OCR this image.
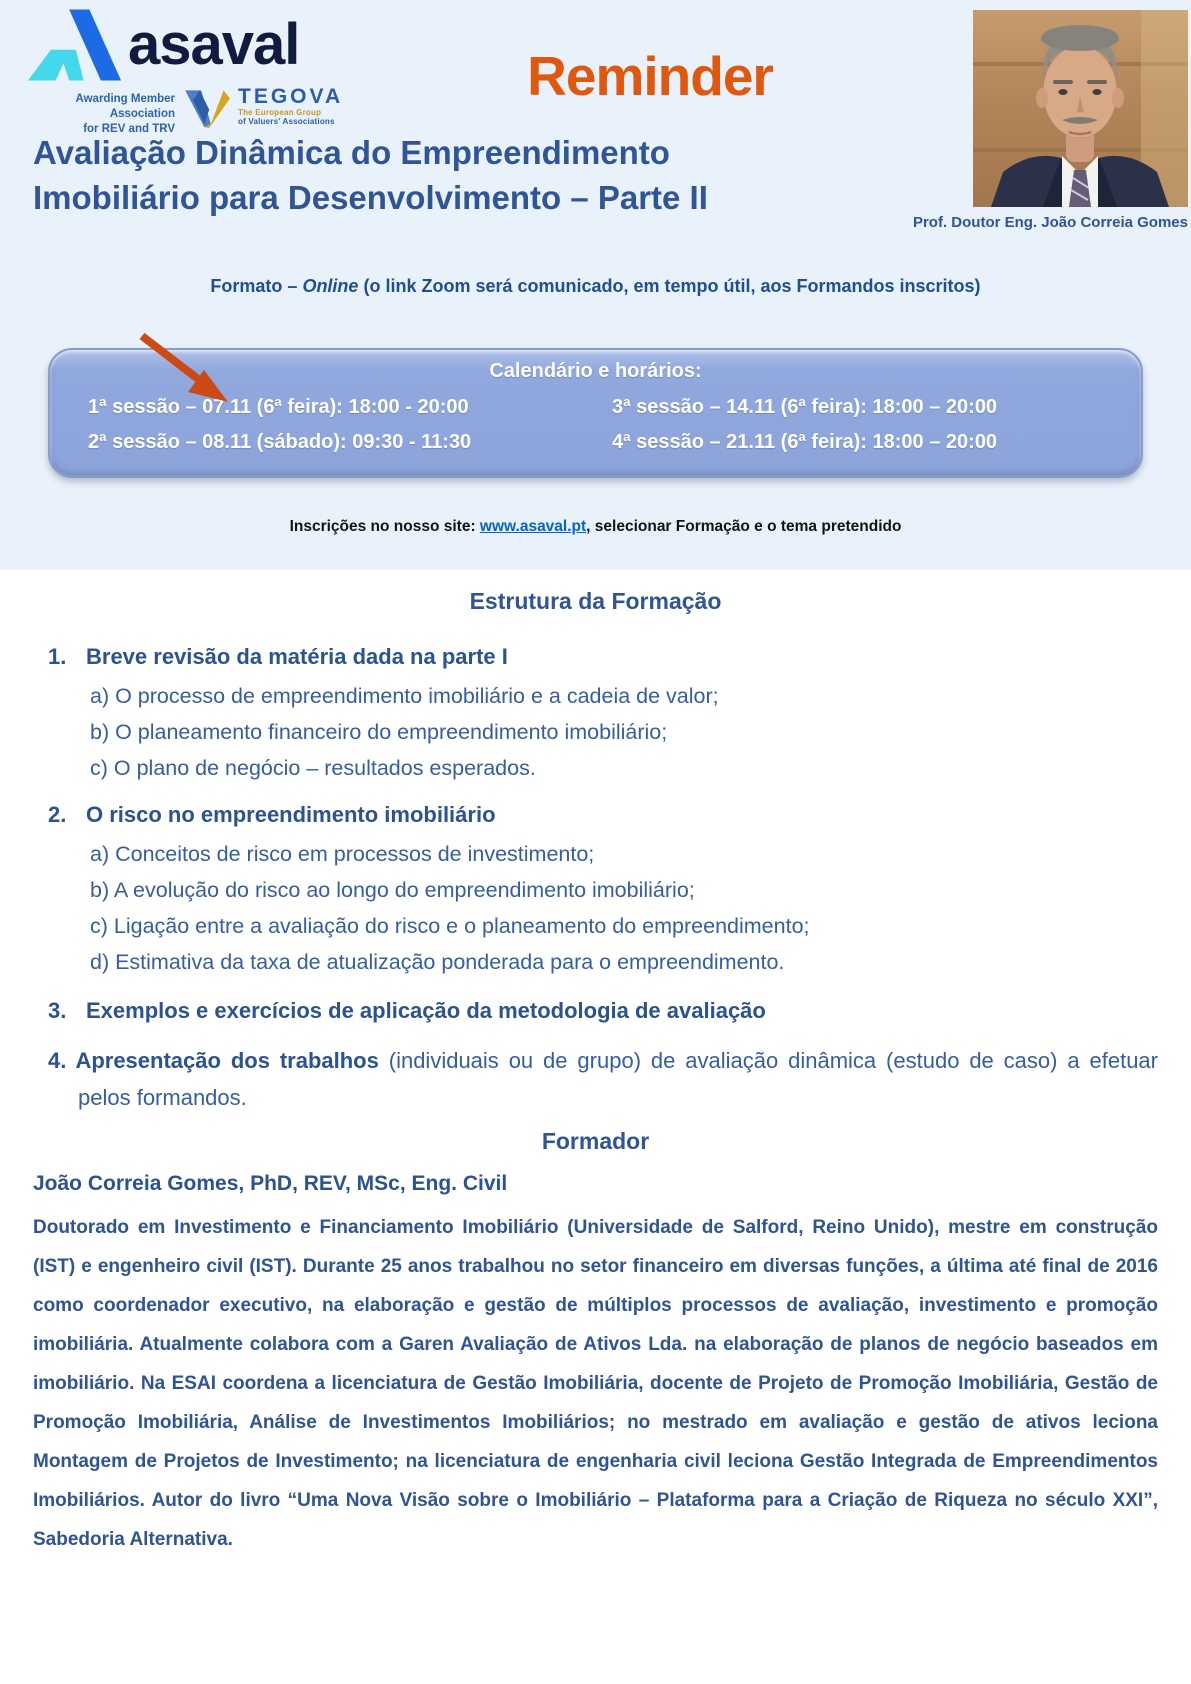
asaval
Awarding Member Association
for REV and TRV
TEGOVA
The European Group
of Valuers' Associations
Reminder
Prof. Doutor Eng. João Correia Gomes
Avaliação Dinâmica do Empreendimento
Imobiliário para Desenvolvimento – Parte II

Formato – Online (o link Zoom será comunicado, em tempo útil, aos Formandos inscritos)

Calendário e horários:
1ª sessão – 07.11 (6ª feira): 18:00 - 20:00	3ª sessão – 14.11 (6ª feira): 18:00 – 20:00
2ª sessão – 08.11 (sábado): 09:30 - 11:30	4ª sessão – 21.11 (6ª feira): 18:00 – 20:00

Inscrições no nosso site: www.asaval.pt, selecionar Formação e o tema pretendido

Estrutura da Formação
1. Breve revisão da matéria dada na parte I
a) O processo de empreendimento imobiliário e a cadeia de valor;
b) O planeamento financeiro do empreendimento imobiliário;
c) O plano de negócio – resultados esperados.
2. O risco no empreendimento imobiliário
a) Conceitos de risco em processos de investimento;
b) A evolução do risco ao longo do empreendimento imobiliário;
c) Ligação entre a avaliação do risco e o planeamento do empreendimento;
d) Estimativa da taxa de atualização ponderada para o empreendimento.
3. Exemplos e exercícios de aplicação da metodologia de avaliação

4. Apresentação dos trabalhos (individuais ou de grupo) de avaliação dinâmica (estudo de caso) a efetuar pelos formandos.

Formador

João Correia Gomes, PhD, REV, MSc, Eng. Civil

Doutorado em Investimento e Financiamento Imobiliário (Universidade de Salford, Reino Unido), mestre em construção (IST) e engenheiro civil (IST). Durante 25 anos trabalhou no setor financeiro em diversas funções, a última até final de 2016 como coordenador executivo, na elaboração e gestão de múltiplos processos de avaliação, investimento e promoção imobiliária. Atualmente colabora com a Garen Avaliação de Ativos Lda. na elaboração de planos de negócio baseados em imobiliário. Na ESAI coordena a licenciatura de Gestão Imobiliária, docente de Projeto de Promoção Imobiliária, Gestão de Promoção Imobiliária, Análise de Investimentos Imobiliários; no mestrado em avaliação e gestão de ativos leciona Montagem de Projetos de Investimento; na licenciatura de engenharia civil leciona Gestão Integrada de Empreendimentos Imobiliários. Autor do livro “Uma Nova Visão sobre o Imobiliário – Plataforma para a Criação de Riqueza no século XXI”, Sabedoria Alternativa.
